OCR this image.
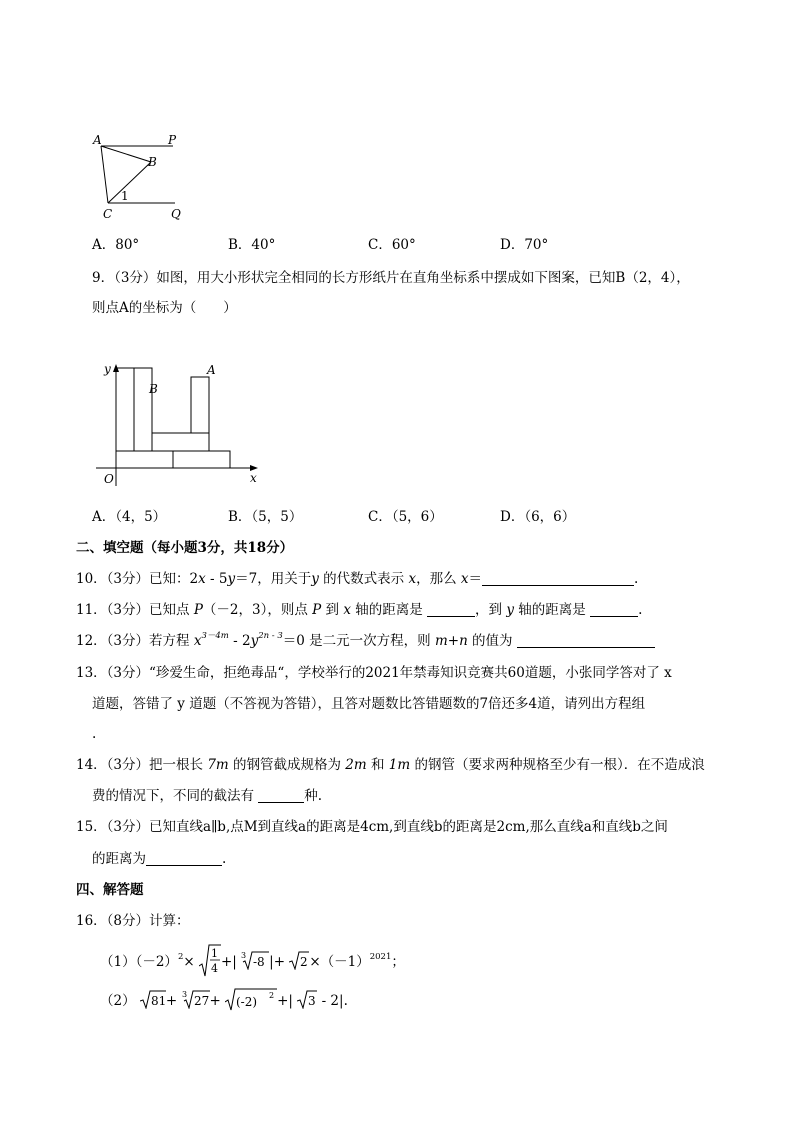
A	P
B
C	Q
1
A．80°	B．40°	C．60°	D．70°
9．（3分）如图，用大小形状完全相同的长方形纸片在直角坐标系中摆成如下图案，已知B（2，4），
则点A的坐标为（　　）
y
x
O
B
A
A．（4，5）	B．（5，5）	C．（5，6）	D．（6，6）
二、填空题（每小题3分，共18分）
10．（3分）已知：2x - 5y＝7，用关于y 的代数式表示 x，那么 x＝	.
11．（3分）已知点 P（－2，3），则点 P 到 x 轴的距离是	，到 y 轴的距离是	.
12．（3分）若方程 $x^{3-4m} - 2y^{2n - 3}=0$ 是二元一次方程，则 m+n 的值为
13．（3分）“珍爱生命，拒绝毒品“，学校举行的2021年禁毒知识竞赛共60道题，小张同学答对了 x
道题，答错了 y 道题（不答视为答错），且答对题数比答错题数的7倍还多4道，请列出方程组
.
14．（3分）把一根长 7m 的钢管截成规格为 2m 和 1m 的钢管（要求两种规格至少有一根）．在不造成浪
费的情况下，不同的截法有	种.
15．（3分）已知直线a∥b,点M到直线a的距离是4cm,到直线b的距离是2cm,那么直线a和直线b之间
的距离为	.
四、解答题
16．（8分）计算：
$(1)(-2)^2\times$
1
4 +| 3 -8 |+ $2 \times(-1)^{2021}$；
（2） 81 + 3 27 + (-2) 2 +| 3 - 2|.
